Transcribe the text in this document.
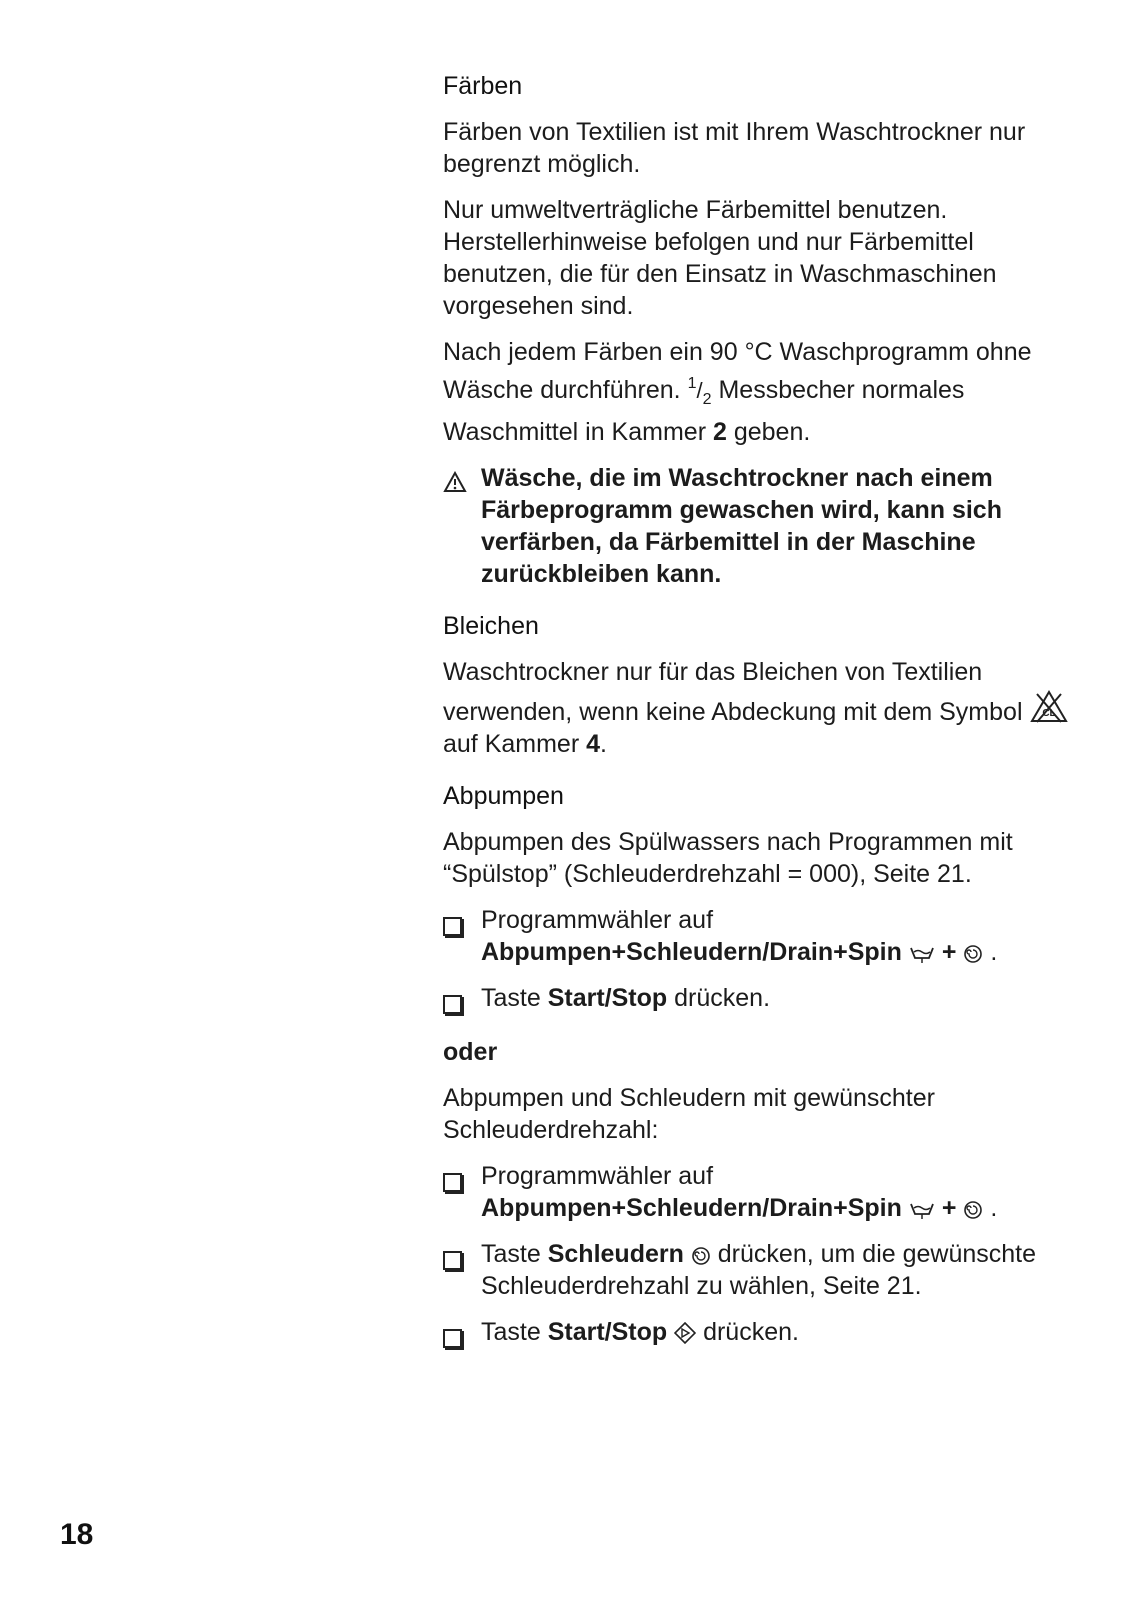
Färben
Färben von Textilien ist mit Ihrem Waschtrockner nur begrenzt möglich.
Nur umweltverträgliche Färbemittel benutzen. Herstellerhinweise befolgen und nur Färbemittel benutzen, die für den Einsatz in Waschmaschinen vorgesehen sind.
Nach jedem Färben ein 90 °C Waschprogramm ohne Wäsche durchführen. $^1/_2$ Messbecher normales Waschmittel in Kammer 2 geben.
Wäsche, die im Waschtrockner nach einem Färbeprogramm gewaschen wird, kann sich verfärben, da Färbemittel in der Maschine zurückbleiben kann.
Bleichen
Waschtrockner nur für das Bleichen von Textilien verwenden, wenn keine Abdeckung mit dem Symbol CL
auf Kammer 4.
Abpumpen
Abpumpen des Spülwassers nach Programmen mit “Spülstop” (Schleuderdrehzahl = 000), Seite 21.
Programmwähler auf
Abpumpen+Schleudern/Drain+Spin + .
Taste Start/Stop drücken.
oder
Abpumpen und Schleudern mit gewünschter Schleuderdrehzahl:
Programmwähler auf
Abpumpen+Schleudern/Drain+Spin + .
Taste Schleudern drücken, um die gewünschte Schleuderdrehzahl zu wählen, Seite 21.
Taste Start/Stop drücken.
18
